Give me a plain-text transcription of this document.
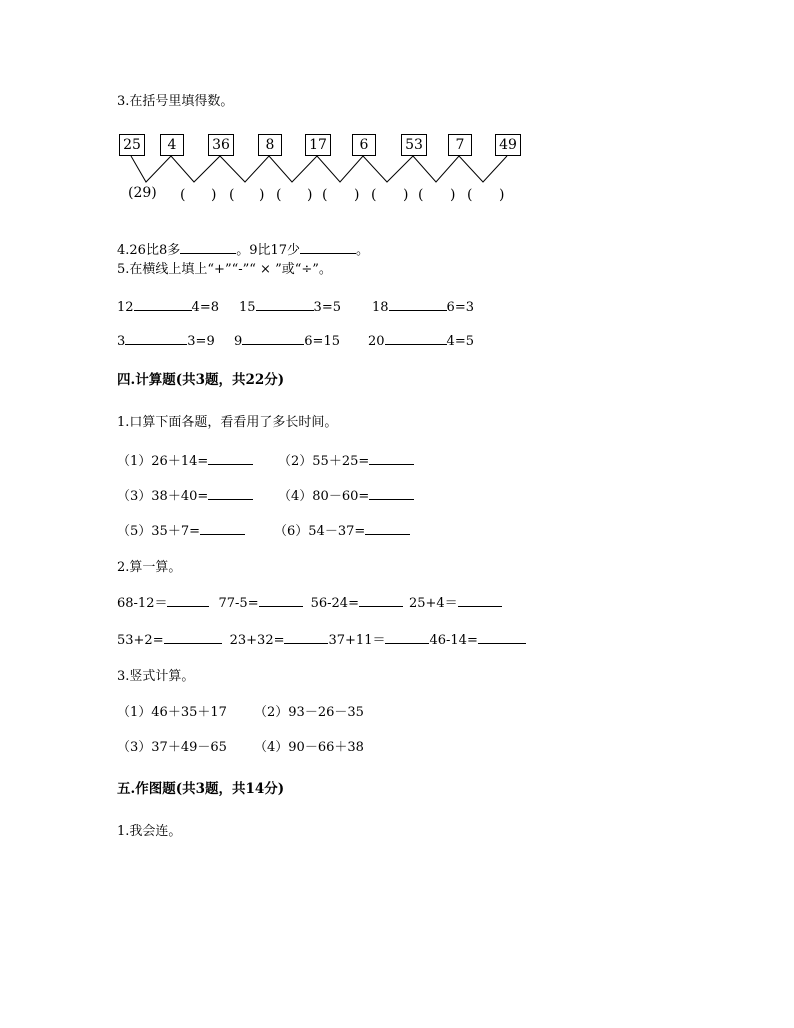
3.在括号里填得数。
25	4	36	8	17	6	53	7	49
(29) ( ) ( ) ( ) ( ) ( ) ( ) ( )
4.26比8多	。9比17少	。
5.在横线上填上“+”“-”“ × ”或“÷”。
12	4=8 15	3=5 18	6=3
3	3=9 9	6=15 20	4=5
四.计算题(共3题，共22分)
1.口算下面各题，看看用了多长时间。
（1）26＋14=	（2）55＋25=
（3）38＋40=	（4）80－60=
（5）35＋7=	（6）54－37=
2.算一算。
68-12＝	77-5=	56-24=	25+4＝
53+2=	23+32=	37+11＝	46-14=
3.竖式计算。
（1）46＋35＋17 （2）93－26－35
（3）37＋49－65 （4）90－66＋38
五.作图题(共3题，共14分)
1.我会连。
